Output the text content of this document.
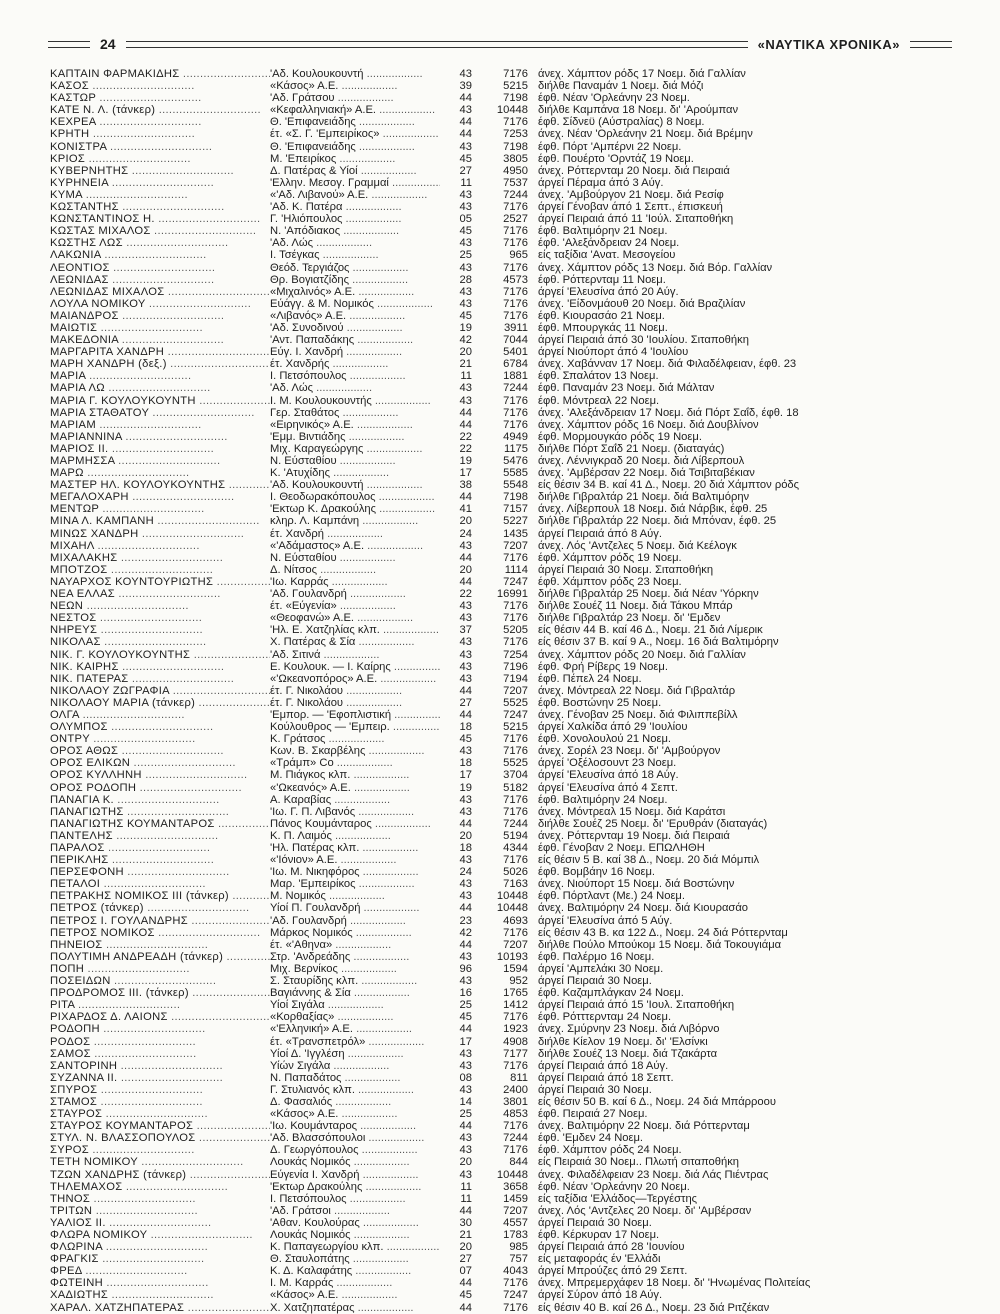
24	«ΝΑΥΤΙΚΑ ΧΡΟΝΙΚΑ»
ΚΑΠΤΑΙΝ ΦΑΡΜΑΚΙΔΗΣ .....	'Αδ. Κουλουκουντή .....	43	7176 άνεχ. Χάμπτον ρόδς 17 Νοεμ. διά Γαλλίαν
ΚΑΣΟΣ .....	«Κάσος» Α.Ε. .....	39	5215 διήλθε Παναμάν 1 Νοεμ. διά Μόζι
ΚΑΣΤΩΡ .....	'Αδ. Γράτσου .....	44	7198 έφθ. Νέαν 'Ορλεάνην 23 Νοεμ.
ΚΑΤΕ Ν. Λ. (τάνκερ) .....	«Κεφαλληνιακή» Α.Ε. .....	43	10448 διήλθε Καμπάνα 18 Νοεμ. δι' 'Αρούμπαν
ΚΕΧΡΕΑ .....	Θ. 'Επιφανειάδης .....	44	7176 έφθ. Σίδνεϋ (Αύστραλίας) 8 Νοεμ.
ΚΡΗΤΗ .....	έτ. «Σ. Γ. 'Εμπειρίκος» .....	44	7253 άνεχ. Νέαν 'Ορλεάνην 21 Νοεμ. διά Βρέμην
ΚΟΝΙΣΤΡΑ .....	Θ. 'Επιφανειάδης .....	43	7198 έφθ. Πόρτ 'Αμπέρνι 22 Νοεμ.
ΚΡΙΟΣ .....	Μ. 'Επειρίκος .....	45	3805 έφθ. Πουέρτο 'Ορντάζ 19 Νοεμ.
ΚΥΒΕΡΝΗΤΗΣ .....	Δ. Πατέρας & Υίοί .....	27	4950 άνεχ. Ρόττερνταμ 20 Νοεμ. διά Πειραιά
ΚΥΡΗΝΕΙΑ .....	'Ελλην. Μεσογ. Γραμμαί .....	11	7537 άργεί Πέραμα άπό 3 Αύγ.
ΚΥΜΑ .....	«'Αδ. Λιβανού» Α.Ε. .....	43	7244 άνεχ. 'Αμβούργον 21 Νοεμ. διά Ρεσίφ
ΚΩΣΤΑΝΤΗΣ .....	'Αδ. Κ. Πατέρα .....	43	7176 άργεί Γένοβαν άπό 1 Σεπτ., έπισκευή
ΚΩΝΣΤΑΝΤΙΝΟΣ Η. .....	Γ. 'Ηλιόπουλος .....	05	2527 άργεί Πειραιά άπό 11 'Ιούλ. Σιταποθήκη
ΚΩΣΤΑΣ ΜΙΧΑΛΟΣ .....	Ν. 'Απόδιακος .....	45	7176 έφθ. Βαλτιμόρην 21 Νοεμ.
ΚΩΣΤΗΣ ΛΩΣ .....	'Αδ. Λώς .....	43	7176 έφθ. 'Αλεξάνδρειαν 24 Νοεμ.
ΛΑΚΩΝΙΑ .....	Ι. Τσέγκας .....	25	965 είς ταξίδια 'Ανατ. Μεσογείου
ΛΕΟΝΤΙΟΣ .....	Θεόδ. Τεργιάζος .....	43	7176 άνεχ. Χάμπτον ρόδς 13 Νοεμ. διά Βόρ. Γαλλίαν
ΛΕΩΝΙΔΑΣ .....	Θρ. Βογιατζίδης .....	28	4573 έφθ. Ρόττερνταμ 11 Νοεμ.
ΛΕΩΝΙΔΑΣ ΜΙΧΑΛΟΣ .....	«Μιχαλινός» Α.Ε. .....	43	7176 άργεί 'Ελευσίνα άπό 20 Αύγ.
ΛΟΥΛΑ ΝΟΜΙΚΟΥ .....	Εύάγγ. & Μ. Νομικός .....	43	7176 άνεχ. 'Είδονμάουθ 20 Νοεμ. διά Βραζιλίαν
ΜΑΙΑΝΔΡΟΣ .....	«Λιβανός» Α.Ε. .....	45	7176 έφθ. Κιουρασάο 21 Νοεμ.
ΜΑΙΩΤΙΣ .....	'Αδ. Συνοδινού .....	19	3911 έφθ. Μπουργκάς 11 Νοεμ.
ΜΑΚΕΔΟΝΙΑ .....	'Αντ. Παπαδάκης .....	42	7044 άργεί Πειραιά άπό 30 'Ιουλίου. Σιταποθήκη
ΜΑΡΓΑΡΙΤΑ ΧΑΝΔΡΗ .....	Εύγ. Ι. Χανδρή .....	20	5401 άργεί Νιούπορτ άπό 4 'Ιουλίου
ΜΑΡΗ ΧΑΝΔΡΗ (δεξ.) .....	έτ. Χανδρής .....	21	6784 άνεχ. Χαβάνναν 17 Νοεμ. διά Φιλαδέλφειαν, έφθ. 23
ΜΑΡΙΑ .....	Ι. Πετσόπουλος .....	11	1881 έφθ. Σπαλάτον 13 Νοεμ.
ΜΑΡΙΑ ΛΩ .....	'Αδ. Λώς .....	43	7244 έφθ. Παναμάν 23 Νοεμ. διά Μάλταν
ΜΑΡΙΑ Γ. ΚΟΥΛΟΥΚΟΥΝΤΗ .....	Ι. Μ. Κουλουκουντής .....	43	7176 έφθ. Μόντρεαλ 22 Νοεμ.
ΜΑΡΙΑ ΣΤΑΘΑΤΟΥ .....	Γερ. Σταθάτος .....	44	7176 άνεχ. 'Αλεξάνδρειαν 17 Νοεμ. διά Πόρτ Σαΐδ, έφθ. 18
ΜΑΡΙΑΜ .....	«Ειρηνικός» Α.Ε. .....	44	7176 άνεχ. Χάμπτον ρόδς 16 Νοεμ. διά Δουβλίνον
ΜΑΡΙΑΝΝΙΝΑ .....	'Εμμ. Βιντιάδης .....	22	4949 έφθ. Μορμουγκάο ρόδς 19 Νοεμ.
ΜΑΡΙΟΣ ΙΙ. .....	Μιχ. Καραγεώργης .....	22	1175 διήλθε Πόρτ Σαΐδ 21 Νοεμ. (διαταγάς)
ΜΑΡΜΗΣΣΑ .....	Ν. Εύσταθίου .....	19	5476 άνεχ. Λέννιγκραδ 20 Νοεμ. διά Λίβερπουλ
ΜΑΡΩ .....	Κ. 'Ατυχίδης .....	17	5585 άνεχ. 'Αμβέρσαν 22 Νοεμ. διά Τσιβιταβέκιαν
ΜΑΣΤΕΡ ΗΛ. ΚΟΥΛΟΥΚΟΥΝΤΗΣ .....	'Αδ. Κουλουκουντή .....	38	5548 είς θέσιν 34 Β. καί 41 Δ., Νοεμ. 20 διά Χάμπτον ρόδς
ΜΕΓΑΛΟΧΑΡΗ .....	Ι. Θεοδωρακόπουλος .....	44	7198 διήλθε Γιβραλτάρ 21 Νοεμ. διά Βαλτιμόρην
ΜΕΝΤΩΡ .....	'Εκτωρ Κ. Δρακούλης .....	41	7157 άνεχ. Λίβερπουλ 18 Νοεμ. διά Νάρβικ, έφθ. 25
ΜΙΝΑ Λ. ΚΑΜΠΑΝΗ .....	κληρ. Λ. Καμπάνη .....	20	5227 διήλθε Γιβραλτάρ 22 Νοεμ. διά Μπόναν, έφθ. 25
ΜΙΝΩΣ ΧΑΝΔΡΗ .....	έτ. Χανδρή .....	24	1435 άργεί Πειραιά άπό 8 Αύγ.
ΜΙΧΑΗΛ .....	«'Αδάμαστος» Α.Ε. .....	43	7207 άνεχ. Λός 'Αντζελες 5 Νοεμ. διά Κεέλογκ
ΜΙΧΑΛΑΚΗΣ .....	Ν. Εύσταθίου .....	44	7176 έφθ. Χάμπτον ρόδς 19 Νοεμ.
ΜΠΟΤΖΟΣ .....	Δ. Νίτσος .....	20	1114 άργεί Πειραιά 30 Νοεμ. Σιταποθήκη
ΝΑΥΑΡΧΟΣ ΚΟΥΝΤΟΥΡΙΩΤΗΣ .....	'Ιω. Καρράς .....	44	7247 έφθ. Χάμπτον ρόδς 23 Νοεμ.
ΝΕΑ ΕΛΛΑΣ .....	'Αδ. Γουλανδρή .....	22	16991 διήλθε Γιβραλτάρ 25 Νοεμ. διά Νέαν 'Υόρκην
ΝΕΩΝ .....	έτ. «Εύγενία» .....	43	7176 διήλθε Σουέζ 11 Νοεμ. διά Τάκου Μπάρ
ΝΕΣΤΟΣ .....	«Θεοφανώ» Α.Ε. .....	43	7176 διήλθε Γιβραλτάρ 23 Νοεμ. δι' 'Εμδεν
ΝΗΡΕΥΣ .....	'Ηλ. Ε. Χατζηλίας κλπ. .....	37	5205 είς θέσιν 44 Β. καί 46 Δ., Νοεμ. 21 διά Λίμερικ
ΝΙΚΟΛΑΣ .....	Χ. Πατέρας & Σία .....	43	7176 είς θέσιν 37 Β. καί 9 Α., Νοεμ. 16 διά Βαλτιμόρην
ΝΙΚ. Γ. ΚΟΥΛΟΥΚΟΥΝΤΗΣ .....	'Αδ. Σιτινά .....	43	7254 άνεχ. Χάμπτον ρόδς 20 Νοεμ. διά Γαλλίαν
ΝΙΚ. ΚΑΙΡΗΣ .....	Ε. Κουλουκ. — Ι. Καίρης .....	43	7196 έφθ. Φρή Ρίβερς 19 Νοεμ.
ΝΙΚ. ΠΑΤΕΡΑΣ .....	«'Ωκεανοπόρος» Α.Ε. .....	43	7194 έφθ. Πέπελ 24 Νοεμ.
ΝΙΚΟΛΑΟΥ ΖΩΓΡΑΦΙΑ .....	έτ. Γ. Νικολάου .....	44	7207 άνεχ. Μόντρεαλ 22 Νοεμ. διά Γιβραλτάρ
ΝΙΚΟΛΑΟΥ ΜΑΡΙΑ (τάνκερ) .....	έτ. Γ. Νικολάου .....	27	5525 έφθ. Βοστώνην 25 Νοεμ.
ΟΛΓΑ .....	'Εμπορ. — 'Εφοπλιστική .....	44	7247 άνεχ. Γένοβαν 25 Νοεμ. διά Φιλιππεβίλλ
ΟΛΥΜΠΟΣ .....	Κούλουθρος — 'Εμπειρ. .....	18	5215 άργεί Χαλκίδα άπό 29 'Ιουλίου
ΟΝΤΡΥ .....	Κ. Γράτσος .....	45	7176 έφθ. Χονολουλού 21 Νοεμ.
ΟΡΟΣ ΑΘΩΣ .....	Κων. Β. Σκαρβέλης .....	43	7176 άνεχ. Σορέλ 23 Νοεμ. δι' 'Αμβούργον
ΟΡΟΣ ΕΛΙΚΩΝ .....	«Τράμπ» Co .....	18	5525 άργεί 'Οξέλοσουντ 23 Νοεμ.
ΟΡΟΣ ΚΥΛΛΗΝΗ .....	Μ. Πιάγκος κλπ. .....	17	3704 άργεί 'Ελευσίνα άπό 18 Αύγ.
ΟΡΟΣ ΡΟΔΟΠΗ .....	«'Ωκεανός» Α.Ε. .....	19	5182 άργεί 'Ελευσίνα άπό 4 Σεπτ.
ΠΑΝΑΓΙΑ Κ. .....	Α. Καραβίας .....	43	7176 έφθ. Βαλτιμόρην 24 Νοεμ.
ΠΑΝΑΓΙΩΤΗΣ .....	'Ιω. Γ. Π. Λιβανός .....	43	7176 άνεχ. Μόντρεαλ 15 Νοεμ. διά Καράτσι
ΠΑΝΑΓΙΩΤΗΣ ΚΟΥΜΑΝΤΑΡΟΣ .....	Πάνος Κουμάνταρος .....	44	7244 διήλθε Σουέζ 25 Νοεμ. δι' 'Ερυθράν (διαταγάς)
ΠΑΝΤΕΛΗΣ .....	Κ. Π. Λαιμός .....	20	5194 άνεχ. Ρόττερνταμ 19 Νοεμ. διά Πειραιά
ΠΑΡΑΛΟΣ .....	'Ηλ. Πατέρας κλπ. .....	18	4344 έφθ. Γένοβαν 2 Νοεμ. ΕΠΩΛΗΘΗ
ΠΕΡΙΚΛΗΣ .....	«'Ιόνιον» Α.Ε. .....	43	7176 είς θέσιν 5 Β. καί 38 Δ., Νοεμ. 20 διά Μόμπιλ
ΠΕΡΣΕΦΟΝΗ .....	'Ιω. Μ. Νικηφόρος .....	24	5026 έφθ. Βομβάην 16 Νοεμ.
ΠΕΤΑΛΟΙ .....	Μαρ. 'Εμπειρίκος .....	43	7163 άνεχ. Νιούπορτ 15 Νοεμ. διά Βοστώνην
ΠΕΤΡΑΚΗΣ ΝΟΜΙΚΟΣ ΙΙΙ (τάνκερ) .....	Μ. Νομικός .....	43	10448 έφθ. Πόρτλαντ (Με.) 24 Νοεμ.
ΠΕΤΡΟΣ (τάνκερ) .....	Υίοί Π. Γουλανδρή .....	44	10448 άνεχ. Βαλτιμόρην 24 Νοεμ. διά Κιουρασάο
ΠΕΤΡΟΣ Ι. ΓΟΥΛΑΝΔΡΗΣ .....	'Αδ. Γουλανδρή .....	23	4693 άργεί 'Ελευσίνα άπό 5 Αύγ.
ΠΕΤΡΟΣ ΝΟΜΙΚΟΣ .....	Μάρκος Νομικός .....	42	7176 είς θέσιν 43 Β. κα 122 Δ., Νοεμ. 24 διά Ρόττερνταμ
ΠΗΝΕΙΟΣ .....	έτ. «'Αθηνα» .....	44	7207 διήλθε Πούλο Μπούκομ 15 Νοεμ. διά Τοκουγιάμα
ΠΟΛΥΤΙΜΗ ΑΝΔΡΕΑΔΗ (τάνκερ) .....	Στρ. 'Ανδρεάδης .....	43	10193 έφθ. Παλέρμο 16 Νοεμ.
ΠΟΠΗ .....	Μιχ. Βερνίκος .....	96	1594 άργεί 'Αμπελάκι 30 Νοεμ.
ΠΟΣΕΙΔΩΝ .....	Σ. Σταυρίδης κλπ. .....	43	952 άργεί Πειραιά 30 Νοεμ.
ΠΡΟΔΡΟΜΟΣ ΙΙΙ. (τάνκερ) .....	Βαγιάννης & Σία .....	16	1765 έφθ. Καζαμπλάγκαν 24 Νοεμ.
ΡΙΤΑ .....	Υίοί Σιγάλα .....	25	1412 άργεί Πειραιά άπό 15 'Ιουλ. Σιταποθήκη
ΡΙΧΑΡΔΟΣ Δ. ΛΑΙΟΝΣ .....	«Κορθαξίας» .....	45	7176 έφθ. Ρότττερνταμ 24 Νοεμ.
ΡΟΔΟΠΗ .....	«'Ελληνική» Α.Ε. .....	44	1923 άνεχ. Σμύρνην 23 Νοεμ. διά Λιβόρνο
ΡΟΔΟΣ .....	έτ. «Τρανσπετρόλ» .....	17	4908 διήλθε Κίελον 19 Νοεμ. δι' 'Ελσίνκι
ΣΑΜΟΣ .....	Υίοί Δ. 'Ιγγλέση .....	43	7177 διήλθε Σουέζ 13 Νοεμ. διά Τζακάρτα
ΣΑΝΤΟΡΙΝΗ .....	Υίών Σιγάλα .....	43	7176 άργεί Πειραιά άπό 18 Αύγ.
ΣΥΖΑΝΝΑ ΙΙ. .....	Ν. Παπαδάτος .....	08	811 άργεί Πειραιά άπό 18 Σεπτ.
ΣΠΥΡΟΣ .....	Γ. Στυλιανός κλπ. .....	43	2400 άργεί Πειραιά 30 Νοεμ.
ΣΤΑΜΟΣ .....	Δ. Φασαλιός .....	14	3801 είς θέσιν 50 Β. καί 6 Δ., Νοεμ. 24 διά Μπάρροου
ΣΤΑΥΡΟΣ .....	«Κάσος» Α.Ε. .....	25	4853 έφθ. Πειραιά 27 Νοεμ.
ΣΤΑΥΡΟΣ ΚΟΥΜΑΝΤΑΡΟΣ .....	'Ιω. Κουμάνταρος .....	44	7176 άνεχ. Βαλτιμόρην 22 Νοεμ. διά Ρόττερνταμ
ΣΤΥΛ. Ν. ΒΛΑΣΣΟΠΟΥΛΟΣ .....	'Αδ. Βλασσόπουλοι .....	43	7244 έφθ. 'Εμδεν 24 Νοεμ.
ΣΥΡΟΣ .....	Δ. Γεωργόπουλος .....	43	7176 έφθ. Χάμπτον ρόδς 24 Νοεμ.
ΤΕΤΗ ΝΟΜΙΚΟΥ .....	Λουκάς Νομικός .....	20	844 είς Πειραιά 30 Νοεμ.. Πλωτή σιταποθήκη
ΤΖΩΝ ΧΑΝΔΡΗΣ (τάνκερ) .....	Εύγενία Ι. Χανδρή .....	43	10448 άνεχ. Φιλαδέλφειαν 23 Νοεμ. διά Λάς Πιέντρας
ΤΗΛΕΜΑΧΟΣ .....	'Εκτωρ Δρακούλης .....	11	3658 έφθ. Νέαν 'Ορλεάνην 20 Νοεμ.
ΤΗΝΟΣ .....	Ι. Πετσόπουλος .....	11	1459 είς ταξίδια 'Ελλάδος—Τεργέστης
ΤΡΙΤΩΝ .....	'Αδ. Γράτσοι .....	44	7207 άνεχ. Λός 'Αντζελες 20 Νοεμ. δι' 'Αμβέρσαν
ΥΑΛΙΟΣ ΙΙ. .....	'Αθαν. Κουλούρας .....	30	4557 άργεί Πειραιά 30 Νοεμ.
ΦΛΩΡΑ ΝΟΜΙΚΟΥ .....	Λουκάς Νομικός .....	21	1783 έφθ. Κέρκυραν 17 Νοεμ.
ΦΛΩΡΙΝΑ .....	Κ. Παπαγεωργίου κλπ. .....	20	985 άργεί Πειραιά άπό 28 'Ιουνίου
ΦΡΑΓΚΙΣ .....	Θ. Σταυλοπάτης .....	27	757 είς μεταφοράς έν 'Ελλάδι
ΦΡΕΔ .....	Κ. Δ. Καλαφάτης .....	07	4043 άργεί Μπρούζες άπό 29 Σεπτ.
ΦΩΤΕΙΝΗ .....	Ι. Μ. Καρράς .....	44	7176 άνεχ. Μπρεμερχάφεν 18 Νοεμ. δι' 'Ηνωμένας Πολιτείας
ΧΑΔΙΩΤΗΣ .....	«Κάσος» Α.Ε. .....	45	7247 άργεί Σύρον άπό 18 Αύγ.
ΧΑΡΑΛ. ΧΑΤΖΗΠΑΤΕΡΑΣ .....	Χ. Χατζηπατέρας .....	44	7176 είς θέσιν 40 Β. καί 26 Δ., Νοεμ. 23 διά Ριτζέκαν
